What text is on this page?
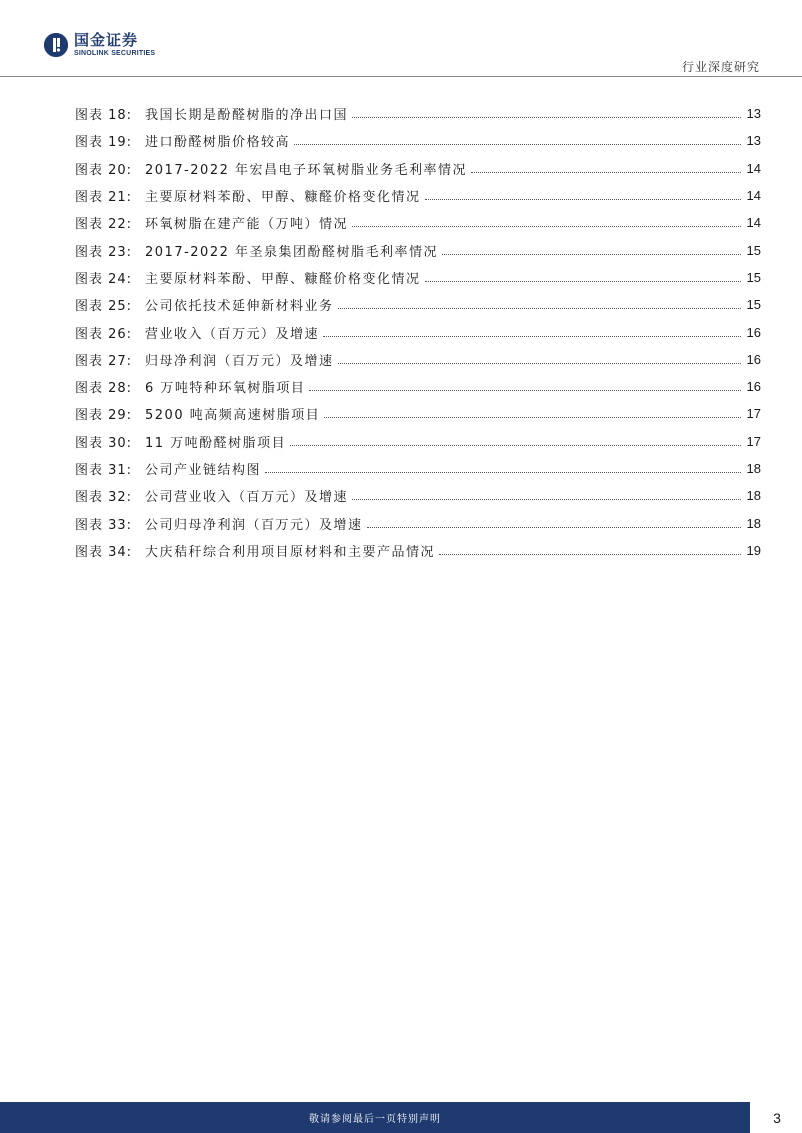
国金证券
SINOLINK SECURITIES
行业深度研究
图表 18: 我国长期是酚醛树脂的净出口国	13
图表 19: 进口酚醛树脂价格较高	13
图表 20: 2017-2022 年宏昌电子环氧树脂业务毛利率情况	14
图表 21: 主要原材料苯酚、甲醇、糠醛价格变化情况	14
图表 22: 环氧树脂在建产能（万吨）情况	14
图表 23: 2017-2022 年圣泉集团酚醛树脂毛利率情况	15
图表 24: 主要原材料苯酚、甲醇、糠醛价格变化情况	15
图表 25: 公司依托技术延伸新材料业务	15
图表 26: 营业收入（百万元）及增速	16
图表 27: 归母净利润（百万元）及增速	16
图表 28: 6 万吨特种环氧树脂项目	16
图表 29: 5200 吨高频高速树脂项目	17
图表 30: 11 万吨酚醛树脂项目	17
图表 31: 公司产业链结构图	18
图表 32: 公司营业收入（百万元）及增速	18
图表 33: 公司归母净利润（百万元）及增速	18
图表 34: 大庆秸秆综合利用项目原材料和主要产品情况	19
敬请参阅最后一页特别声明	3
